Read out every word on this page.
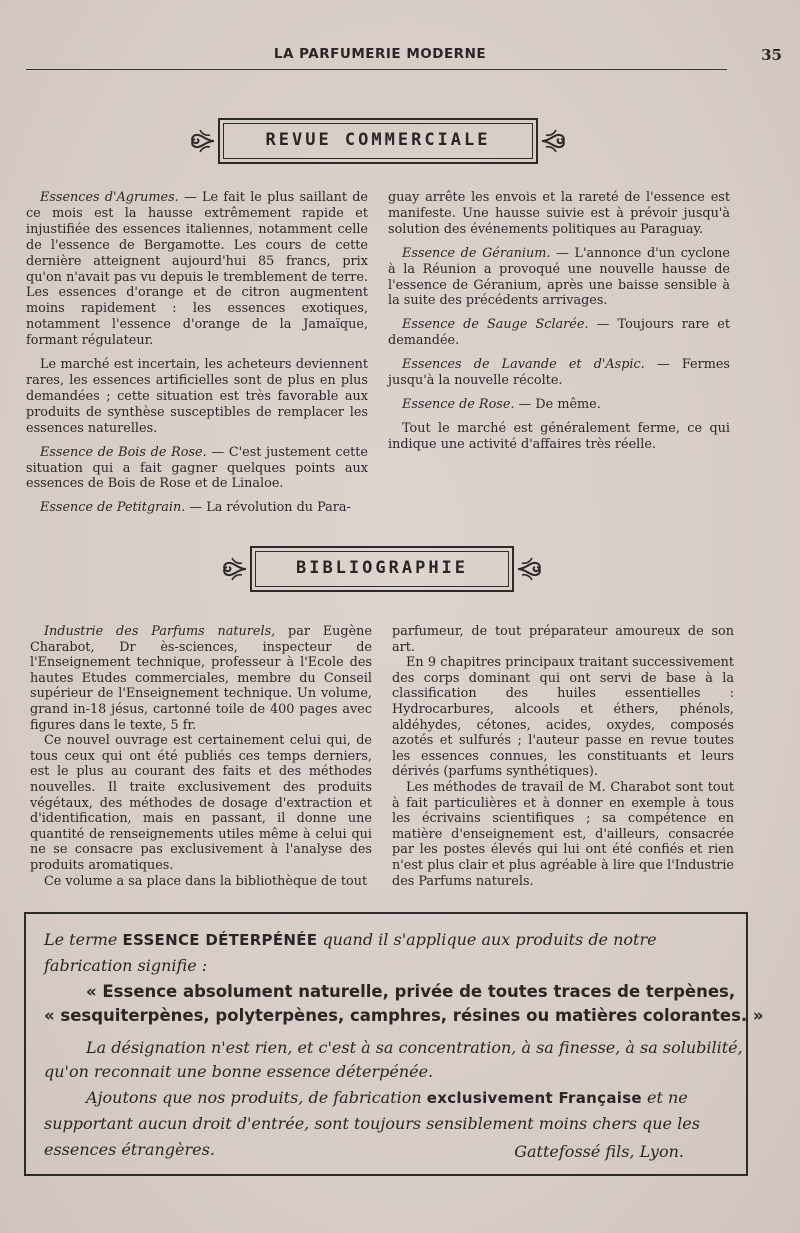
LA PARFUMERIE MODERNE	35
REVUE COMMERCIALE

Essences d'Agrumes. — Le fait le plus saillant de ce mois est la hausse extrêmement rapide et injustifiée des essences italiennes, notamment celle de l'essence de Bergamotte. Les cours de cette dernière atteignent aujourd'hui 85 francs, prix qu'on n'avait pas vu depuis le tremblement de terre. Les essences d'orange et de citron augmentent moins rapidement : les essences exotiques, notamment l'essence d'orange de la Jamaïque, formant régulateur.

Le marché est incertain, les acheteurs deviennent rares, les essences artificielles sont de plus en plus demandées ; cette situation est très favorable aux produits de synthèse susceptibles de remplacer les essences naturelles.

Essence de Bois de Rose. — C'est justement cette situation qui a fait gagner quelques points aux essences de Bois de Rose et de Linaloe.

Essence de Petitgrain. — La révolution du Para-

guay arrête les envois et la rareté de l'essence est manifeste. Une hausse suivie est à prévoir jusqu'à solution des événements politiques au Paraguay.

Essence de Géranium. — L'annonce d'un cyclone à la Réunion a provoqué une nouvelle hausse de l'essence de Géranium, après une baisse sensible à la suite des précédents arrivages.

Essence de Sauge Sclarée. — Toujours rare et demandée.

Essences de Lavande et d'Aspic. — Fermes jusqu'à la nouvelle récolte.

Essence de Rose. — De même.

Tout le marché est généralement ferme, ce qui indique une activité d'affaires très réelle.

BIBLIOGRAPHIE

Industrie des Parfums naturels, par Eugène Charabot, Dr ès-sciences, inspecteur de l'Enseignement technique, professeur à l'Ecole des hautes Etudes commerciales, membre du Conseil supérieur de l'Enseignement technique. Un volume, grand in-18 jésus, cartonné toile de 400 pages avec figures dans le texte, 5 fr.

Ce nouvel ouvrage est certainement celui qui, de tous ceux qui ont été publiés ces temps derniers, est le plus au courant des faits et des méthodes nouvelles. Il traite exclusivement des produits végétaux, des méthodes de dosage d'extraction et d'identification, mais en passant, il donne une quantité de renseignements utiles même à celui qui ne se consacre pas exclusivement à l'analyse des produits aromatiques.

Ce volume a sa place dans la bibliothèque de tout

parfumeur, de tout préparateur amoureux de son art.

En 9 chapitres principaux traitant successivement des corps dominant qui ont servi de base à la classification des huiles essentielles : Hydrocarbures, alcools et éthers, phénols, aldéhydes, cétones, acides, oxydes, composés azotés et sulfurés ; l'auteur passe en revue toutes les essences connues, les constituants et leurs dérivés (parfums synthétiques).

Les méthodes de travail de M. Charabot sont tout à fait particulières et à donner en exemple à tous les écrivains scientifiques ; sa compétence en matière d'enseignement est, d'ailleurs, consacrée par les postes élevés qui lui ont été confiés et rien n'est plus clair et plus agréable à lire que l'Industrie des Parfums naturels.

Le terme ESSENCE DÉTERPÉNÉE quand il s'applique aux produits de notre
fabrication signifie :
« Essence absolument naturelle, privée de toutes traces de terpènes,
« sesquiterpènes, polyterpènes, camphres, résines ou matières colorantes. »
La désignation n'est rien, et c'est à sa concentration, à sa finesse, à sa solubilité,
qu'on reconnait une bonne essence déterpénée.
Ajoutons que nos produits, de fabrication exclusivement Française et ne
supportant aucun droit d'entrée, sont toujours sensiblement moins chers que les
essences étrangères.	Gattefossé fils, Lyon.
